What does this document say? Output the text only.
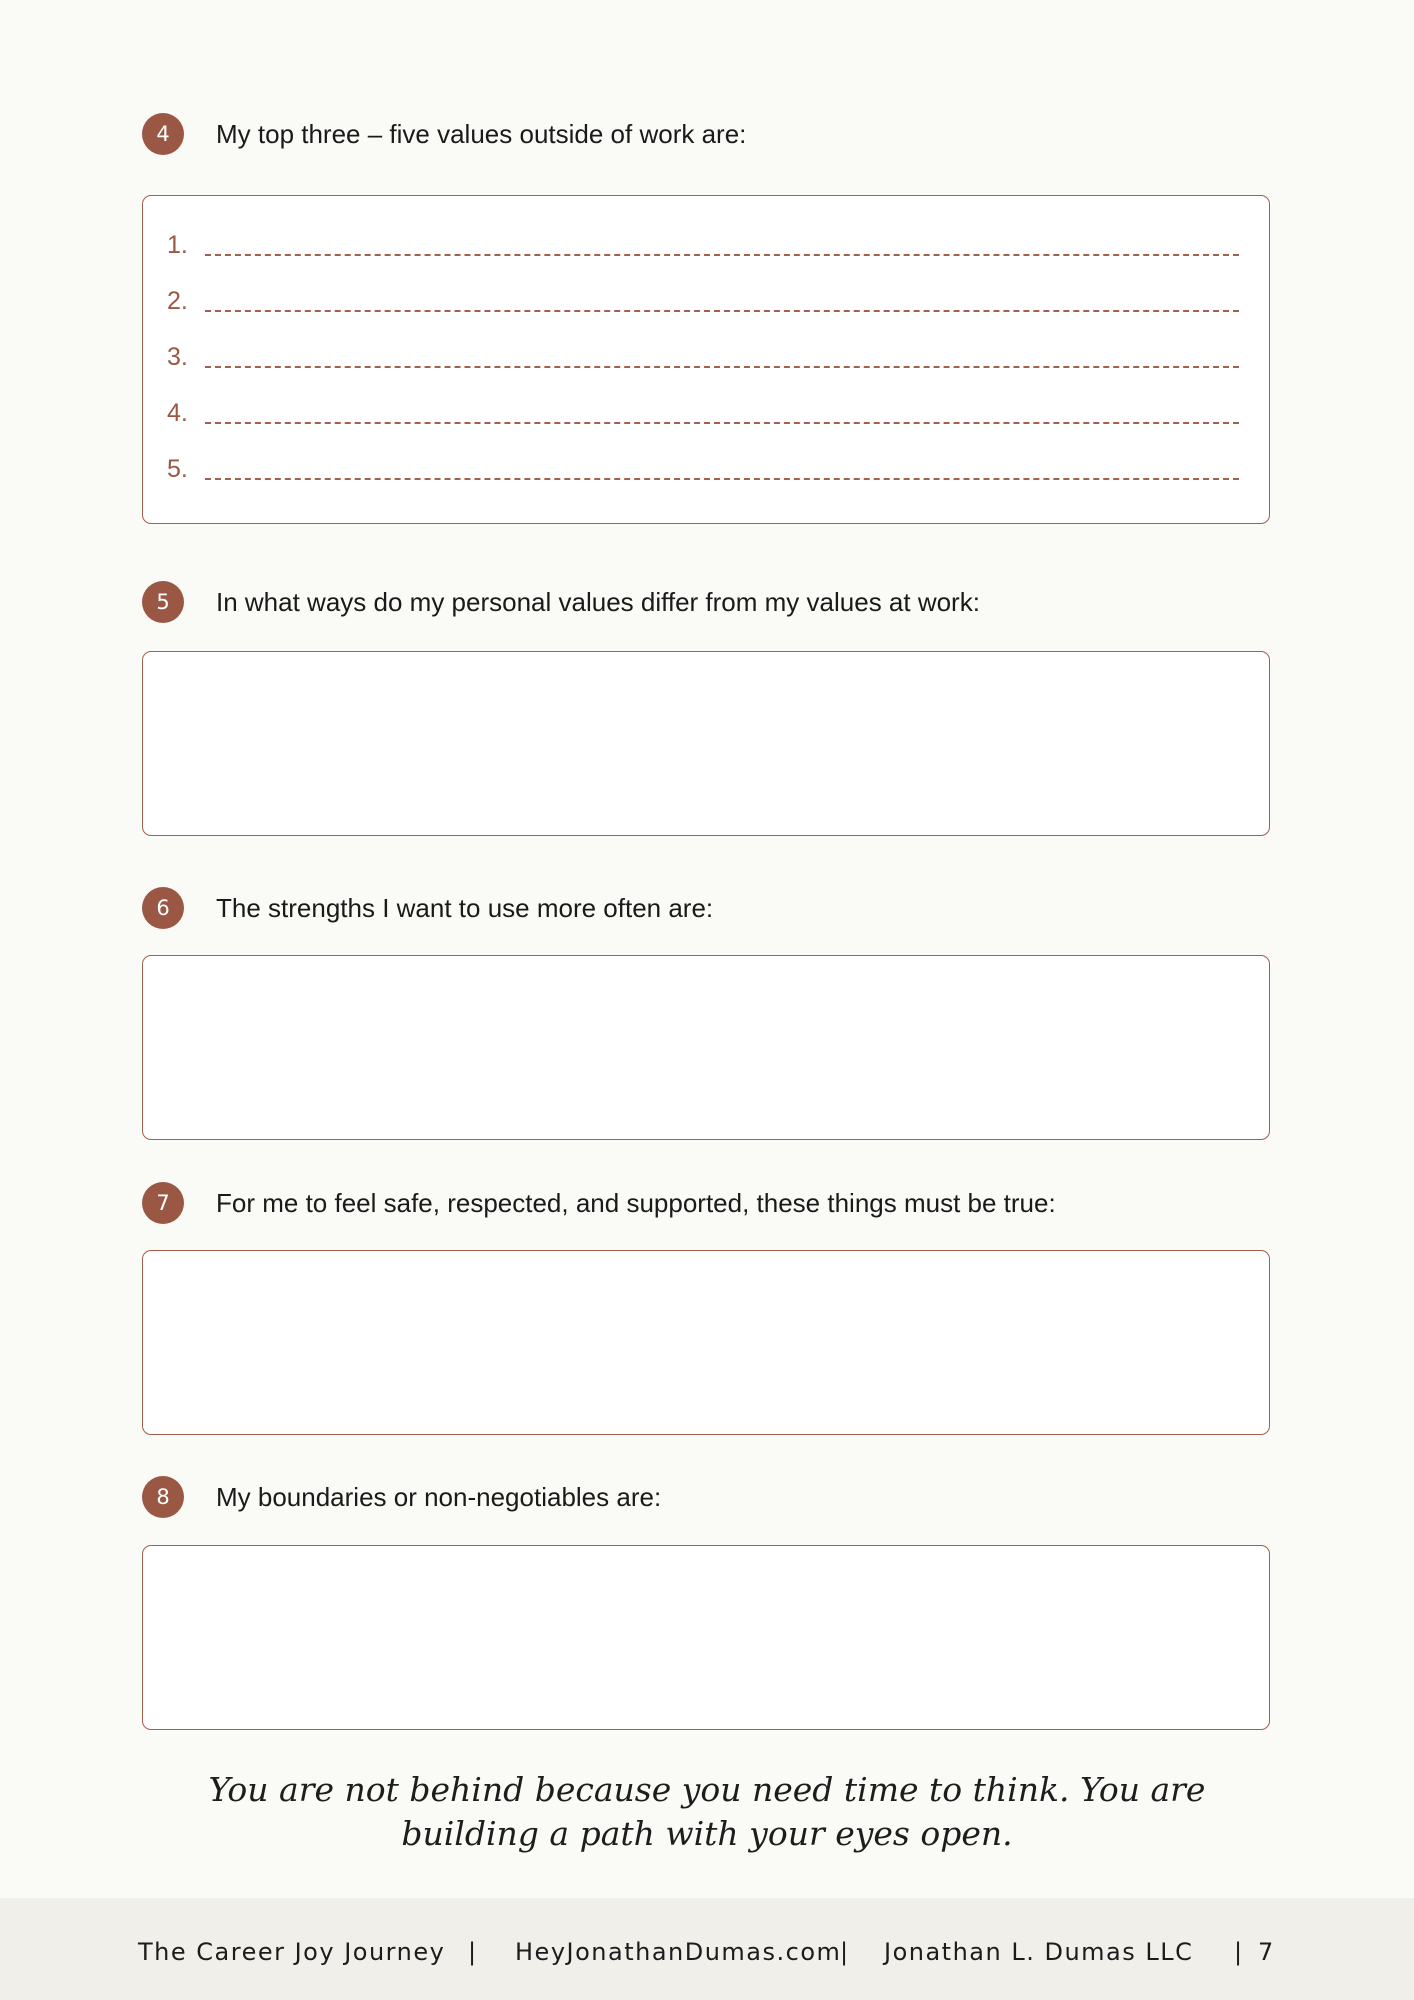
4	My top three – five values outside of work are:
1.
2.
3.
4.
5.
5	In what ways do my personal values differ from my values at work:
6	The strengths I want to use more often are:
7	For me to feel safe, respected, and supported, these things must be true:
8	My boundaries or non-negotiables are:
You are not behind because you need time to think. You are
building a path with your eyes open.
The Career Joy Journey | HeyJonathanDumas.com
| Jonathan L. Dumas LLC | 7
